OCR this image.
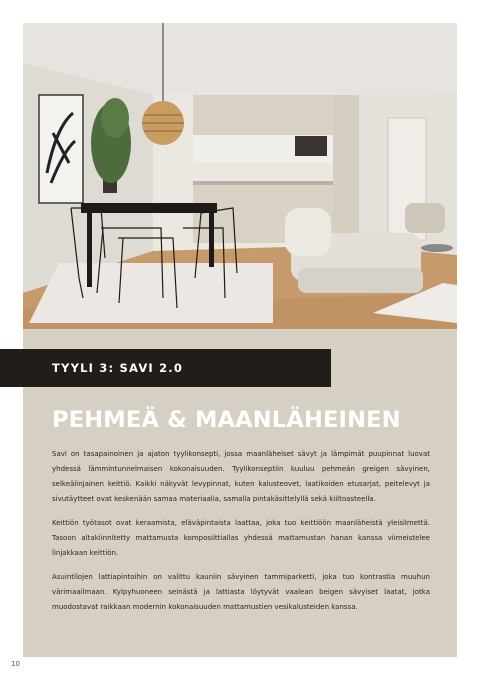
TYYLI 3: SAVI 2.0
PEHMEÄ & MAANLÄHEINEN

Savi on tasapainoinen ja ajaton tyylikonsepti, jossa maanläheiset sävyt ja lämpimät puupinnat luovat yhdessä lämmintunnelmaisen kokonaisuuden. Tyylikonseptiin kuuluu pehmeän greigen sävyinen, selkeälinjainen keittiö. Kaikki näkyvät levypinnat, kuten kalusteovet, laatikoiden etusarjat, peitelevyt ja sivutäytteet ovat keskenään samaa materiaalia, samalla pintakäsittelyllä sekä kiiltoasteella.

Keittiön työtasot ovat keraamista, eläväpintaista laattaa, joka tuo keittiöön maanläheistä yleisilmettä. Tasoon altakiinnitetty mattamusta komposiittiallas yhdessä mattamustan hanan kanssa viimeistelee linjakkaan keittiön.

Asuintilojen lattiapintoihin on valittu kauniin sävyinen tammiparketti, joka tuo kontrastia muuhun värimaailmaan. Kylpyhuoneen seinästä ja lattiasta löytyvät vaalean beigen sävyiset laatat, jotka muodostavat raikkaan modernin kokonaisuuden mattamustien vesikalusteiden kanssa.

10
